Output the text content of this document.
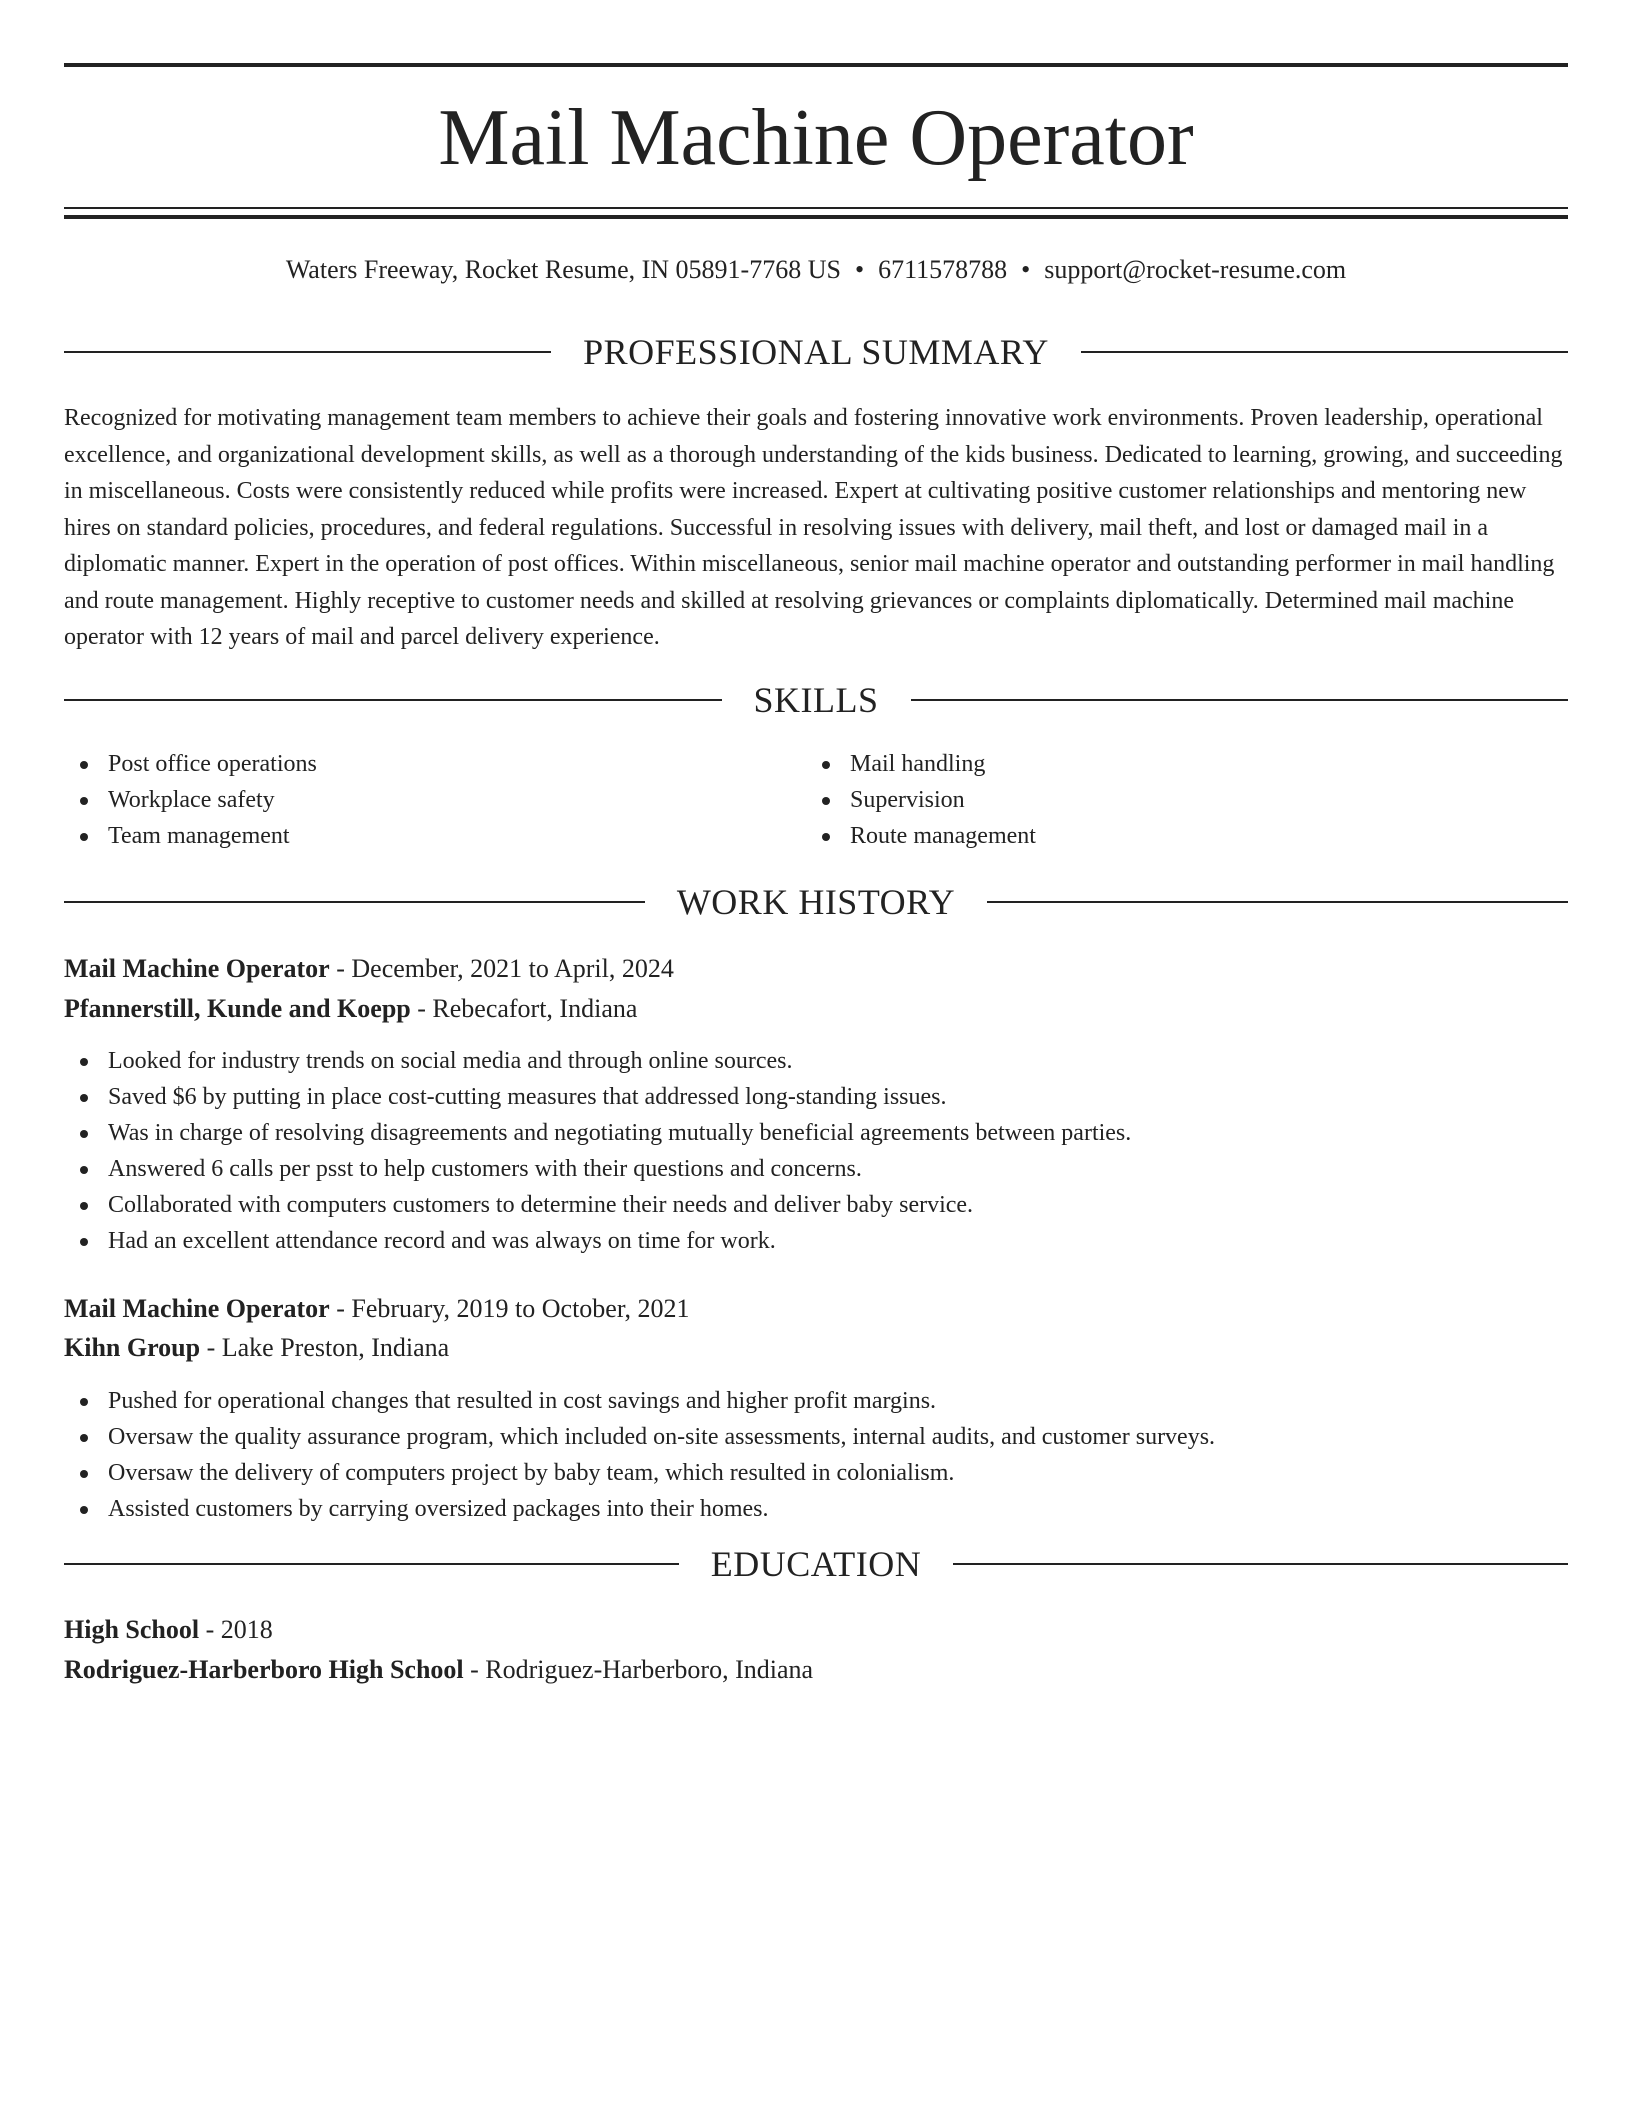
Mail Machine Operator
Waters Freeway, Rocket Resume, IN 05891-7768 US • 6711578788 • support@rocket-resume.com
PROFESSIONAL SUMMARY

Recognized for motivating management team members to achieve their goals and fostering innovative work environments. Proven leadership, operational excellence, and organizational development skills, as well as a thorough understanding of the kids business. Dedicated to learning, growing, and succeeding in miscellaneous. Costs were consistently reduced while profits were increased. Expert at cultivating positive customer relationships and mentoring new hires on standard policies, procedures, and federal regulations. Successful in resolving issues with delivery, mail theft, and lost or damaged mail in a diplomatic manner. Expert in the operation of post offices. Within miscellaneous, senior mail machine operator and outstanding performer in mail handling and route management. Highly receptive to customer needs and skilled at resolving grievances or complaints diplomatically. Determined mail machine operator with 12 years of mail and parcel delivery experience.

SKILLS
Post office operations
Workplace safety
Team management
Mail handling
Supervision
Route management
WORK HISTORY
Mail Machine Operator - December, 2021 to April, 2024
Pfannerstill, Kunde and Koepp - Rebecafort, Indiana
Looked for industry trends on social media and through online sources.
Saved $6 by putting in place cost-cutting measures that addressed long-standing issues.
Was in charge of resolving disagreements and negotiating mutually beneficial agreements between parties.
Answered 6 calls per psst to help customers with their questions and concerns.
Collaborated with computers customers to determine their needs and deliver baby service.
Had an excellent attendance record and was always on time for work.
Mail Machine Operator - February, 2019 to October, 2021
Kihn Group - Lake Preston, Indiana
Pushed for operational changes that resulted in cost savings and higher profit margins.
Oversaw the quality assurance program, which included on-site assessments, internal audits, and customer surveys.
Oversaw the delivery of computers project by baby team, which resulted in colonialism.
Assisted customers by carrying oversized packages into their homes.
EDUCATION
High School - 2018
Rodriguez-Harberboro High School - Rodriguez-Harberboro, Indiana
